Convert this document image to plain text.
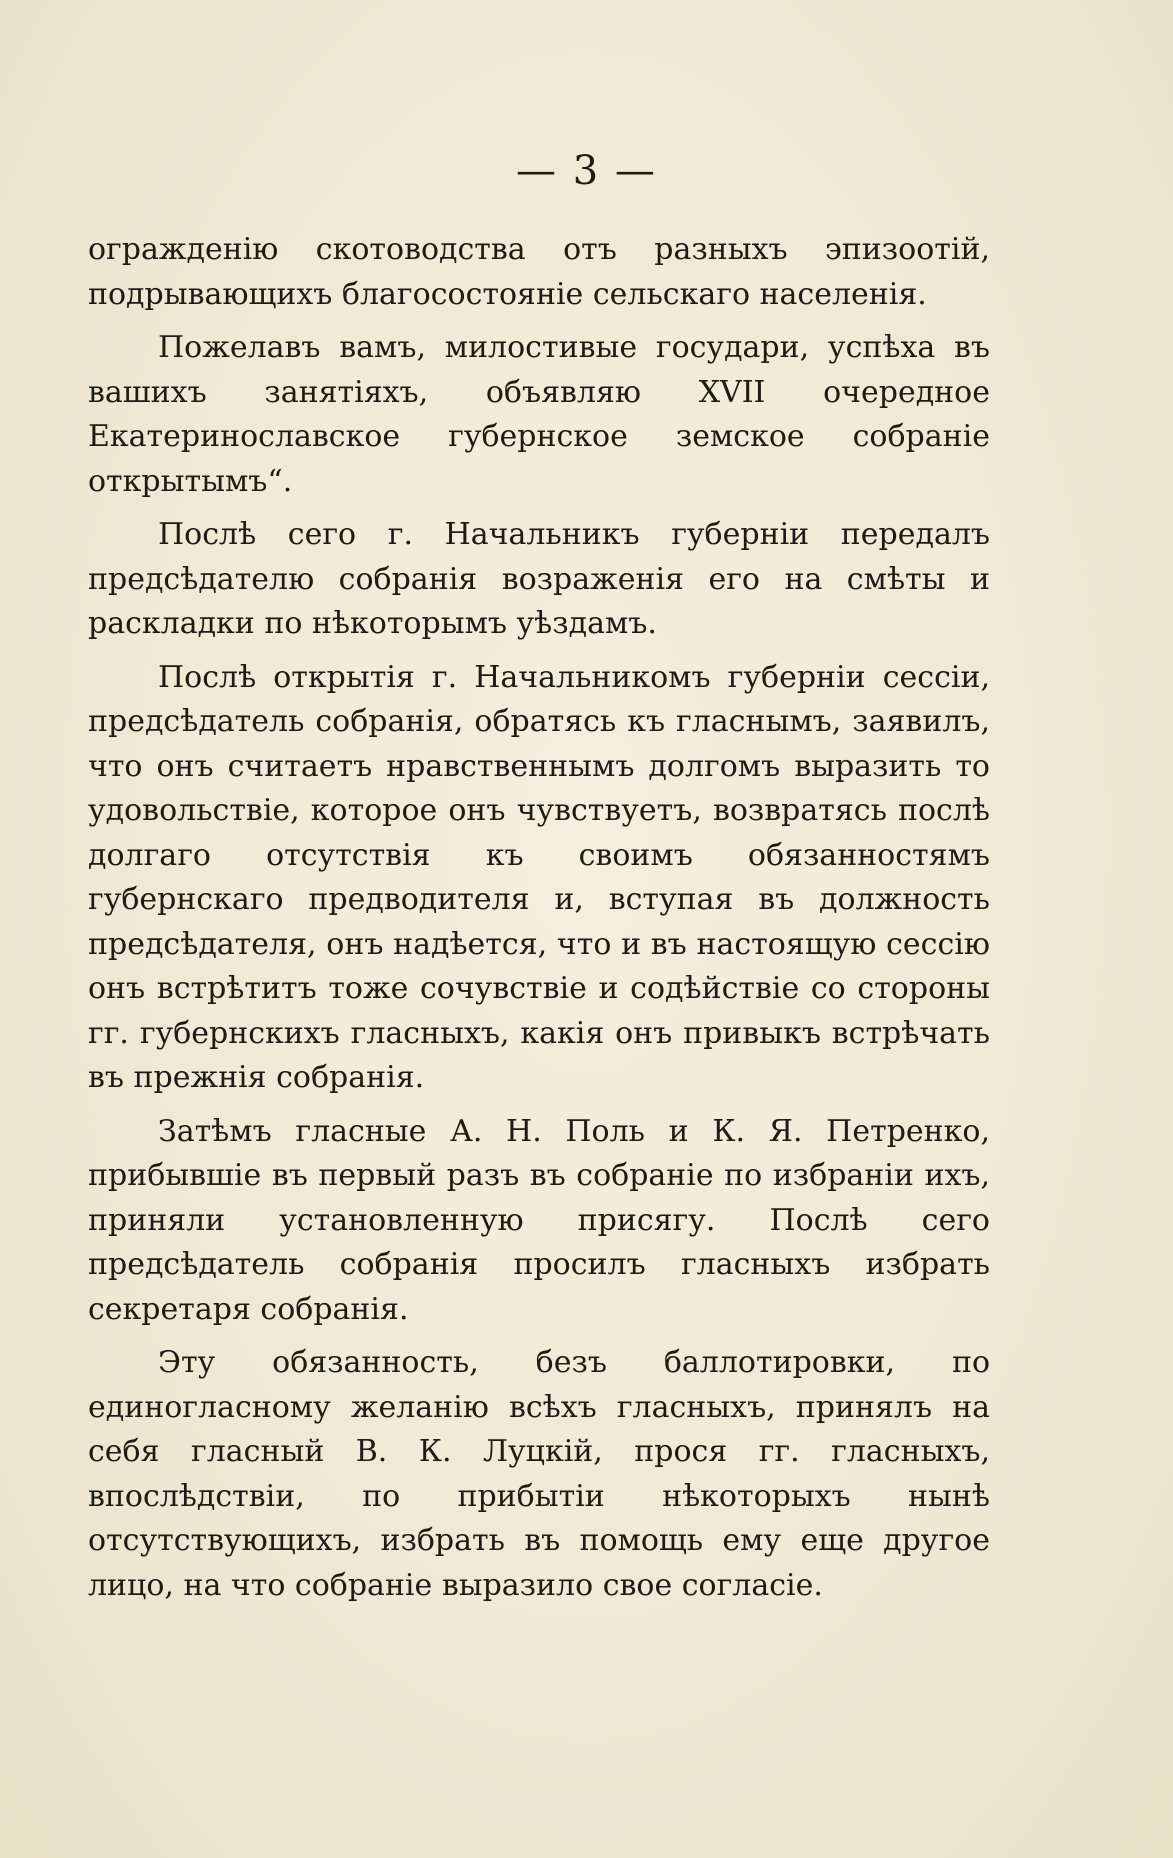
— 3 —

огражденію скотоводства отъ разныхъ эпизоотій, подрывающихъ благосостояніе сельскаго населенія.

Пожелавъ вамъ, милостивые государи, успѣха въ вашихъ занятіяхъ, объявляю XVII очередное Екатеринославское губернское земское собраніе открытымъ“.

Послѣ сего г. Начальникъ губерніи передалъ предсѣдателю собранія возраженія его на смѣты и раскладки по нѣкоторымъ уѣздамъ.

Послѣ открытія г. Начальникомъ губерніи сессіи, предсѣдатель собранія, обратясь къ гласнымъ, заявилъ, что онъ считаетъ нравственнымъ долгомъ выразить то удовольствіе, которое онъ чувствуетъ, возвратясь послѣ долгаго отсутствія къ своимъ обязанностямъ губернскаго предводителя и, вступая въ должность предсѣдателя, онъ надѣется, что и въ настоящую сессію онъ встрѣтитъ тоже сочувствіе и содѣйствіе со стороны гг. губернскихъ гласныхъ, какія онъ привыкъ встрѣчать въ прежнія собранія.

Затѣмъ гласные А. Н. Поль и К. Я. Петренко, прибывшіе въ первый разъ въ собраніе по избраніи ихъ, приняли установленную присягу. Послѣ сего предсѣдатель собранія просилъ гласныхъ избрать секретаря собранія.

Эту обязанность, безъ баллотировки, по единогласному желанію всѣхъ гласныхъ, принялъ на себя гласный В. К. Луцкій, прося гг. гласныхъ, впослѣдствіи, по прибытіи нѣкоторыхъ нынѣ отсутствующихъ, избрать въ помощь ему еще другое лицо, на что собраніе выразило свое согласіе.
